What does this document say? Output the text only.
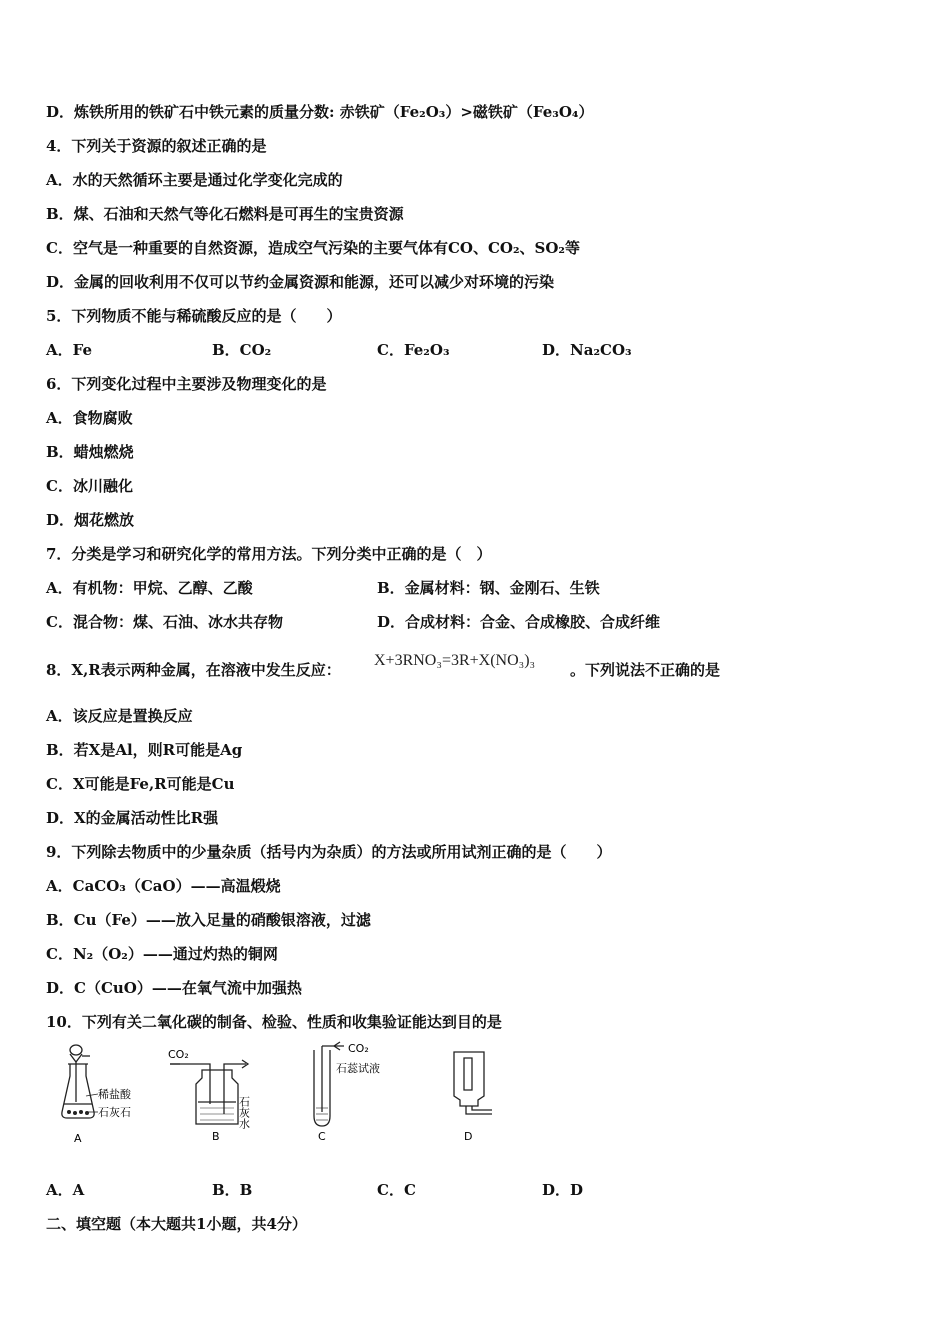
D．炼铁所用的铁矿石中铁元素的质量分数: 赤铁矿（Fe₂O₃）>磁铁矿（Fe₃O₄）
4．下列关于资源的叙述正确的是
A．水的天然循环主要是通过化学变化完成的
B．煤、石油和天然气等化石燃料是可再生的宝贵资源
C．空气是一种重要的自然资源，造成空气污染的主要气体有CO、CO₂、SO₂等
D．金属的回收利用不仅可以节约金属资源和能源，还可以减少对环境的污染
5．下列物质不能与稀硫酸反应的是（　　）
A．Fe	B．CO₂	C．Fe₂O₃	D．Na₂CO₃
6．下列变化过程中主要涉及物理变化的是
A．食物腐败
B．蜡烛燃烧
C．冰川融化
D．烟花燃放
7．分类是学习和研究化学的常用方法。下列分类中正确的是（　）
A．有机物：甲烷、乙醇、乙酸	B．金属材料：钢、金刚石、生铁
C．混合物：煤、石油、冰水共存物	D．合成材料：合金、合成橡胶、合成纤维
8．X,R表示两种金属，在溶液中发生反应：
X+3RNO₃=3R+X(NO₃)₃
。下列说法不正确的是
A．该反应是置换反应
B．若X是Al，则R可能是Ag
C．X可能是Fe,R可能是Cu
D．X的金属活动性比R强
9．下列除去物质中的少量杂质（括号内为杂质）的方法或所用试剂正确的是（　　）
A．CaCO₃（CaO）——高温煅烧
B．Cu（Fe）——放入足量的硝酸银溶液，过滤
C．N₂（O₂）——通过灼热的铜网
D．C（CuO）——在氧气流中加强热
10．下列有关二氧化碳的制备、检验、性质和收集验证能达到目的是
稀盐酸
石灰石
A
CO₂
石灰水
B
CO₂
石蕊试液
C	D
A．A	B．B	C．C	D．D
二、填空题（本大题共1小题，共4分）
